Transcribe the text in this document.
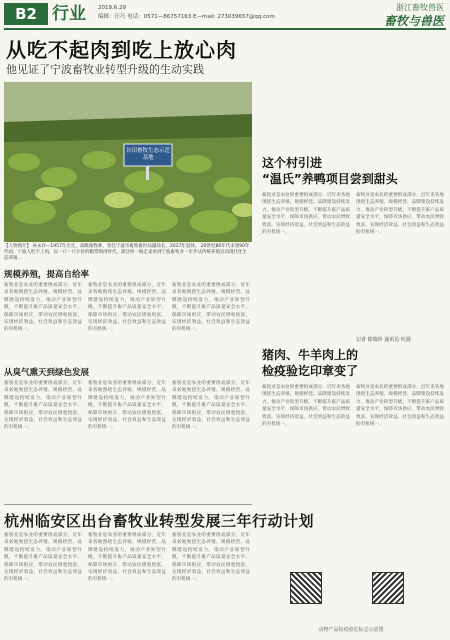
B2 行业 2019.6.29
编辑：汪巧 电话：0571—86757163 E—mail: 273039657@qq.com
浙江畜牧兽医
畜牧与兽医
从吃不起肉到吃上放心肉
他见证了宁波畜牧业转型升级的生动实践
谷田畜牧生态示范基地
【人物图片】 孙永祥—1957年出生，高级畜牧师，曾任宁波市畜牧畜医局副局长。2017年退休。 20世纪80年代末到90年代初，宁波人吃不上肉，以一斤一斤计价的粮票购肉时代。就这样一路走来看到宁波畜牧业一步步从传统养殖迈向现代化生态养殖…
规模养殖，提高自给率
畜牧业是农业的重要组成部分，近年来各地围绕生态养殖、规模经营、品牌建设持续发力，推动产业转型升级，不断提升畜产品质量安全水平，保障市场供应，带动农民增收致富，实现经济效益、社会效益和生态效益的有机统一。
畜牧业是农业的重要组成部分，近年来各地围绕生态养殖、规模经营、品牌建设持续发力，推动产业转型升级，不断提升畜产品质量安全水平，保障市场供应，带动农民增收致富，实现经济效益、社会效益和生态效益的有机统一。
畜牧业是农业的重要组成部分，近年来各地围绕生态养殖、规模经营、品牌建设持续发力，推动产业转型升级，不断提升畜产品质量安全水平，保障市场供应，带动农民增收致富，实现经济效益、社会效益和生态效益的有机统一。
从臭气熏天到绿色发展
畜牧业是农业的重要组成部分，近年来各地围绕生态养殖、规模经营、品牌建设持续发力，推动产业转型升级，不断提升畜产品质量安全水平，保障市场供应，带动农民增收致富，实现经济效益、社会效益和生态效益的有机统一。
畜牧业是农业的重要组成部分，近年来各地围绕生态养殖、规模经营、品牌建设持续发力，推动产业转型升级，不断提升畜产品质量安全水平，保障市场供应，带动农民增收致富，实现经济效益、社会效益和生态效益的有机统一。
畜牧业是农业的重要组成部分，近年来各地围绕生态养殖、规模经营、品牌建设持续发力，推动产业转型升级，不断提升畜产品质量安全水平，保障市场供应，带动农民增收致富，实现经济效益、社会效益和生态效益的有机统一。
杭州临安区出台畜牧业转型发展三年行动计划
畜牧业是农业的重要组成部分，近年来各地围绕生态养殖、规模经营、品牌建设持续发力，推动产业转型升级，不断提升畜产品质量安全水平，保障市场供应，带动农民增收致富，实现经济效益、社会效益和生态效益的有机统一。
畜牧业是农业的重要组成部分，近年来各地围绕生态养殖、规模经营、品牌建设持续发力，推动产业转型升级，不断提升畜产品质量安全水平，保障市场供应，带动农民增收致富，实现经济效益、社会效益和生态效益的有机统一。
畜牧业是农业的重要组成部分，近年来各地围绕生态养殖、规模经营、品牌建设持续发力，推动产业转型升级，不断提升畜产品质量安全水平，保障市场供应，带动农民增收致富，实现经济效益、社会效益和生态效益的有机统一。
这个村引进
“温氏”养鸭项目尝到甜头
畜牧业是农业的重要组成部分，近年来各地围绕生态养殖、规模经营、品牌建设持续发力，推动产业转型升级，不断提升畜产品质量安全水平，保障市场供应，带动农民增收致富，实现经济效益、社会效益和生态效益的有机统一。
畜牧业是农业的重要组成部分，近年来各地围绕生态养殖、规模经营、品牌建设持续发力，推动产业转型升级，不断提升畜产品质量安全水平，保障市场供应，带动农民增收致富，实现经济效益、社会效益和生态效益的有机统一。
记者 徐瑞珍 通讯员 杜圆
猪肉、牛羊肉上的
检疫验讫印章变了
畜牧业是农业的重要组成部分，近年来各地围绕生态养殖、规模经营、品牌建设持续发力，推动产业转型升级，不断提升畜产品质量安全水平，保障市场供应，带动农民增收致富，实现经济效益、社会效益和生态效益的有机统一。
畜牧业是农业的重要组成部分，近年来各地围绕生态养殖、规模经营、品牌建设持续发力，推动产业转型升级，不断提升畜产品质量安全水平，保障市场供应，带动农民增收致富，实现经济效益、社会效益和生态效益的有机统一。
动物产品检疫验讫标志示意图
